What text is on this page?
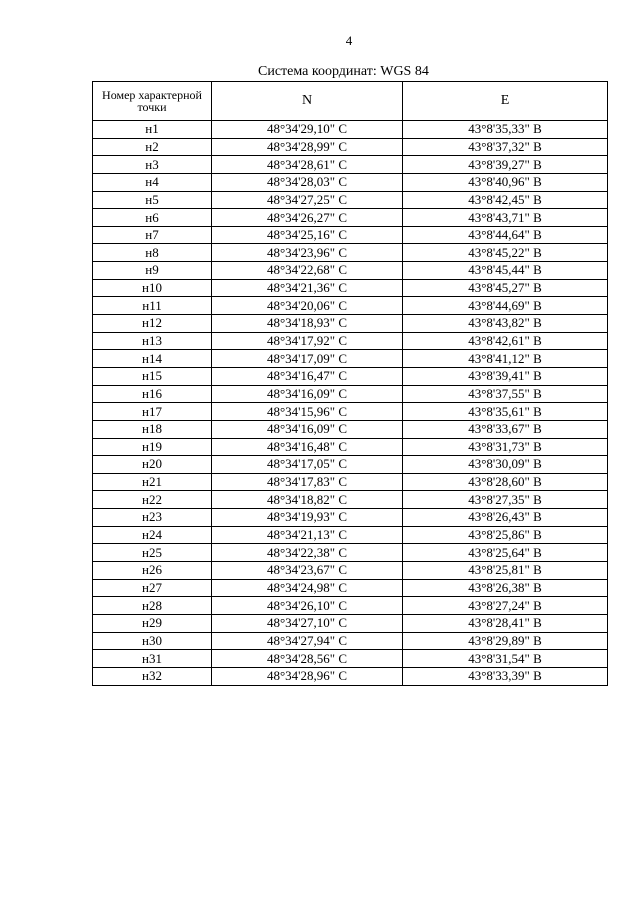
4
Система координат: WGS 84
Номер характерной точки	N	E
н1	48°34'29,10" С	43°8'35,33" В
н2	48°34'28,99" С	43°8'37,32" В
н3	48°34'28,61" С	43°8'39,27" В
н4	48°34'28,03" С	43°8'40,96" В
н5	48°34'27,25" С	43°8'42,45" В
н6	48°34'26,27" С	43°8'43,71" В
н7	48°34'25,16" С	43°8'44,64" В
н8	48°34'23,96" С	43°8'45,22" В
н9	48°34'22,68" С	43°8'45,44" В
н10	48°34'21,36" С	43°8'45,27" В
н11	48°34'20,06" С	43°8'44,69" В
н12	48°34'18,93" С	43°8'43,82" В
н13	48°34'17,92" С	43°8'42,61" В
н14	48°34'17,09" С	43°8'41,12" В
н15	48°34'16,47" С	43°8'39,41" В
н16	48°34'16,09" С	43°8'37,55" В
н17	48°34'15,96" С	43°8'35,61" В
н18	48°34'16,09" С	43°8'33,67" В
н19	48°34'16,48" С	43°8'31,73" В
н20	48°34'17,05" С	43°8'30,09" В
н21	48°34'17,83" С	43°8'28,60" В
н22	48°34'18,82" С	43°8'27,35" В
н23	48°34'19,93" С	43°8'26,43" В
н24	48°34'21,13" С	43°8'25,86" В
н25	48°34'22,38" С	43°8'25,64" В
н26	48°34'23,67" С	43°8'25,81" В
н27	48°34'24,98" С	43°8'26,38" В
н28	48°34'26,10" С	43°8'27,24" В
н29	48°34'27,10" С	43°8'28,41" В
н30	48°34'27,94" С	43°8'29,89" В
н31	48°34'28,56" С	43°8'31,54" В
н32	48°34'28,96" С	43°8'33,39" В
